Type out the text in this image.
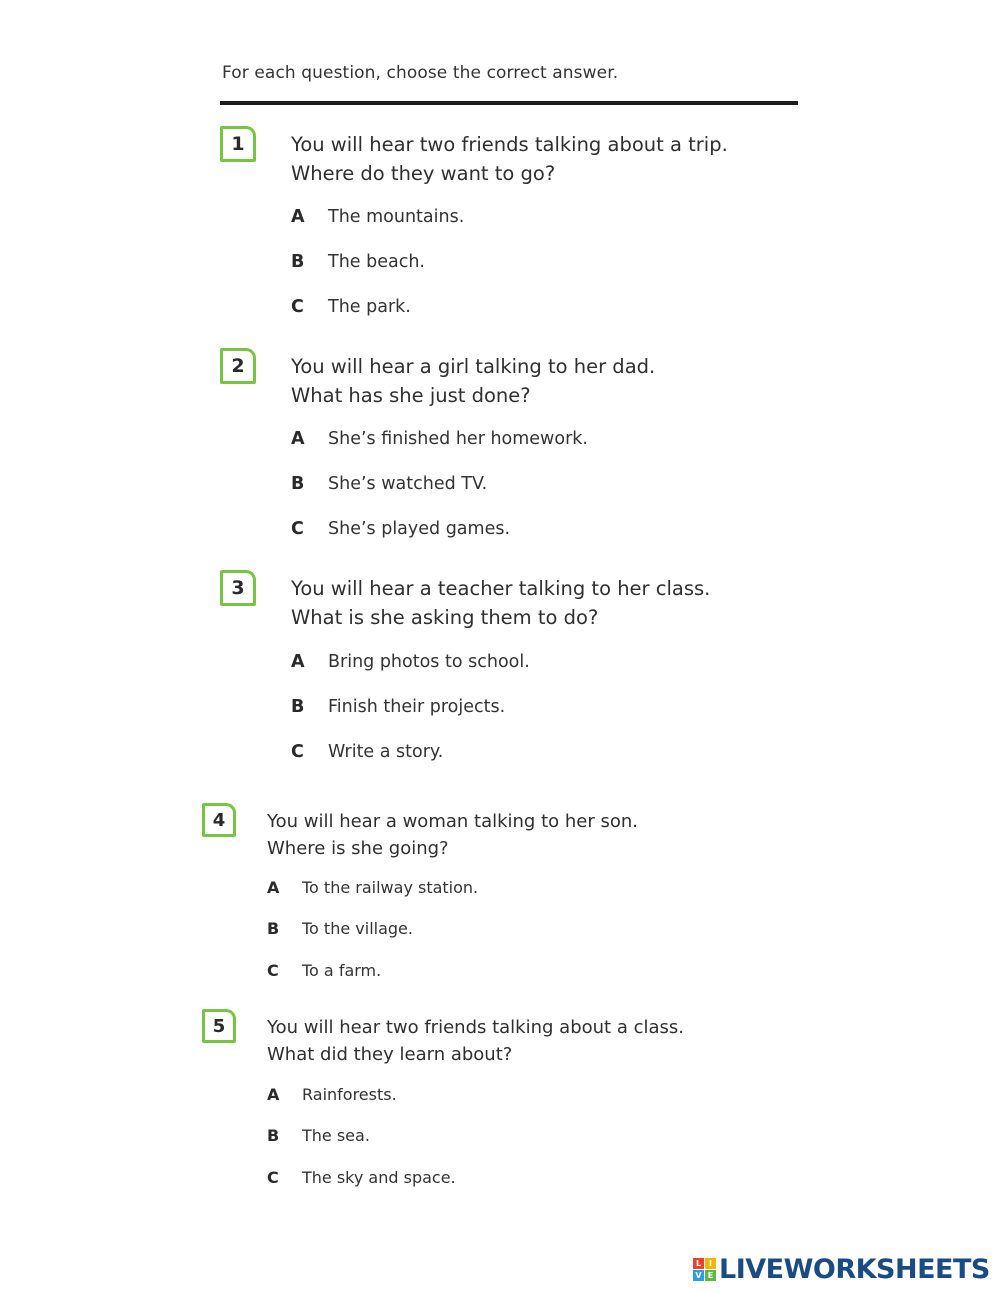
For each question, choose the correct answer.
1	You will hear two friends talking about a trip.
Where do they want to go?
A The mountains.
B The beach.
C The park.
2	You will hear a girl talking to her dad.
What has she just done?
A She’s finished her homework.
B She’s watched TV.
C She’s played games.
3	You will hear a teacher talking to her class.
What is she asking them to do?
A Bring photos to school.
B Finish their projects.
C Write a story.
4	You will hear a woman talking to her son.
Where is she going?
A To the railway station.
B To the village.
C To a farm.
5	You will hear two friends talking about a class.
What did they learn about?
A Rainforests.
B The sea.
C The sky and space.
L I
V E LIVEWORKSHEETS
